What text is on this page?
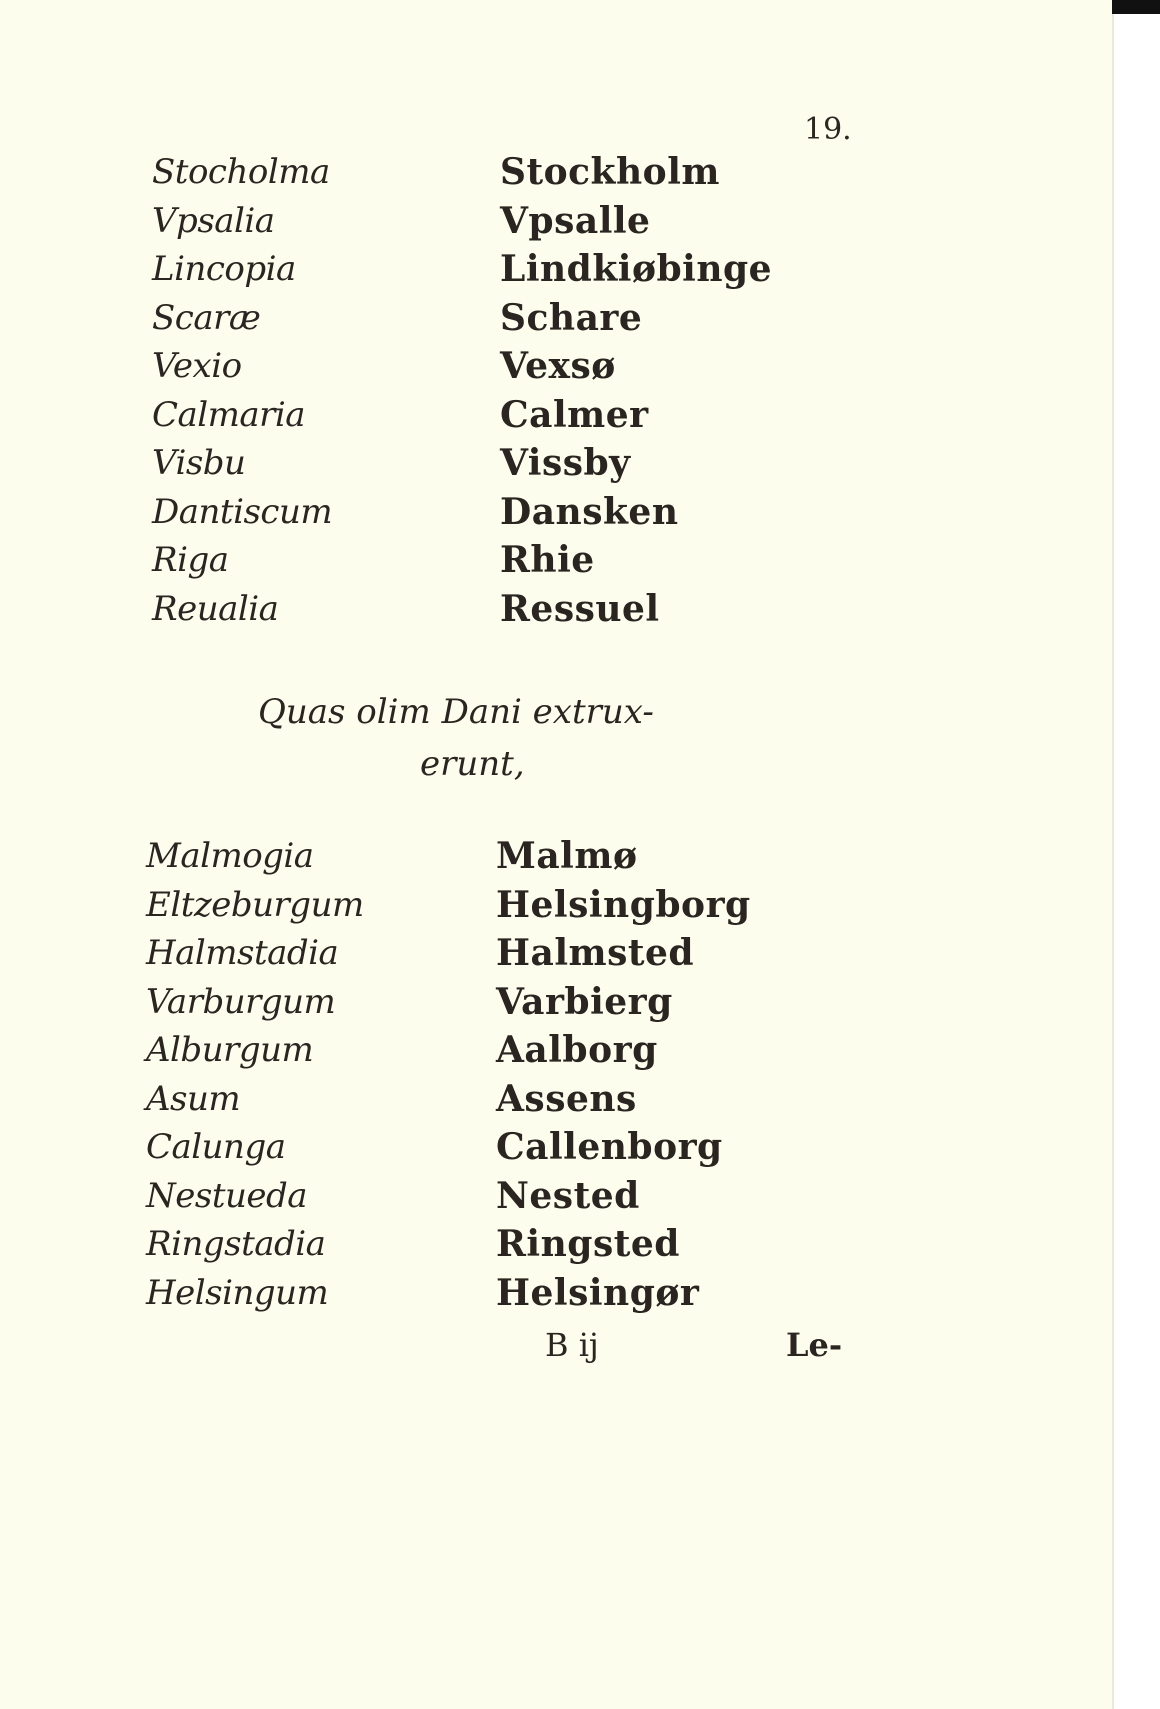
19.
Stocholma
Vpsalia
Lincopia
Scaræ
Vexio
Calmaria
Visbu
Dantiscum
Riga
Reualia
Stockholm
Vpsalle
Lindkiøbinge
Schare
Vexsø
Calmer
Vissby
Dansken
Rhie
Ressuel
Quas olim Dani extrux-
erunt,
Malmogia
Eltzeburgum
Halmstadia
Varburgum
Alburgum
Asum
Calunga
Nestueda
Ringstadia
Helsingum
Malmø
Helsingborg
Halmsted
Varbierg
Aalborg
Assens
Callenborg
Nested
Ringsted
Helsingør
B ij	Le-
